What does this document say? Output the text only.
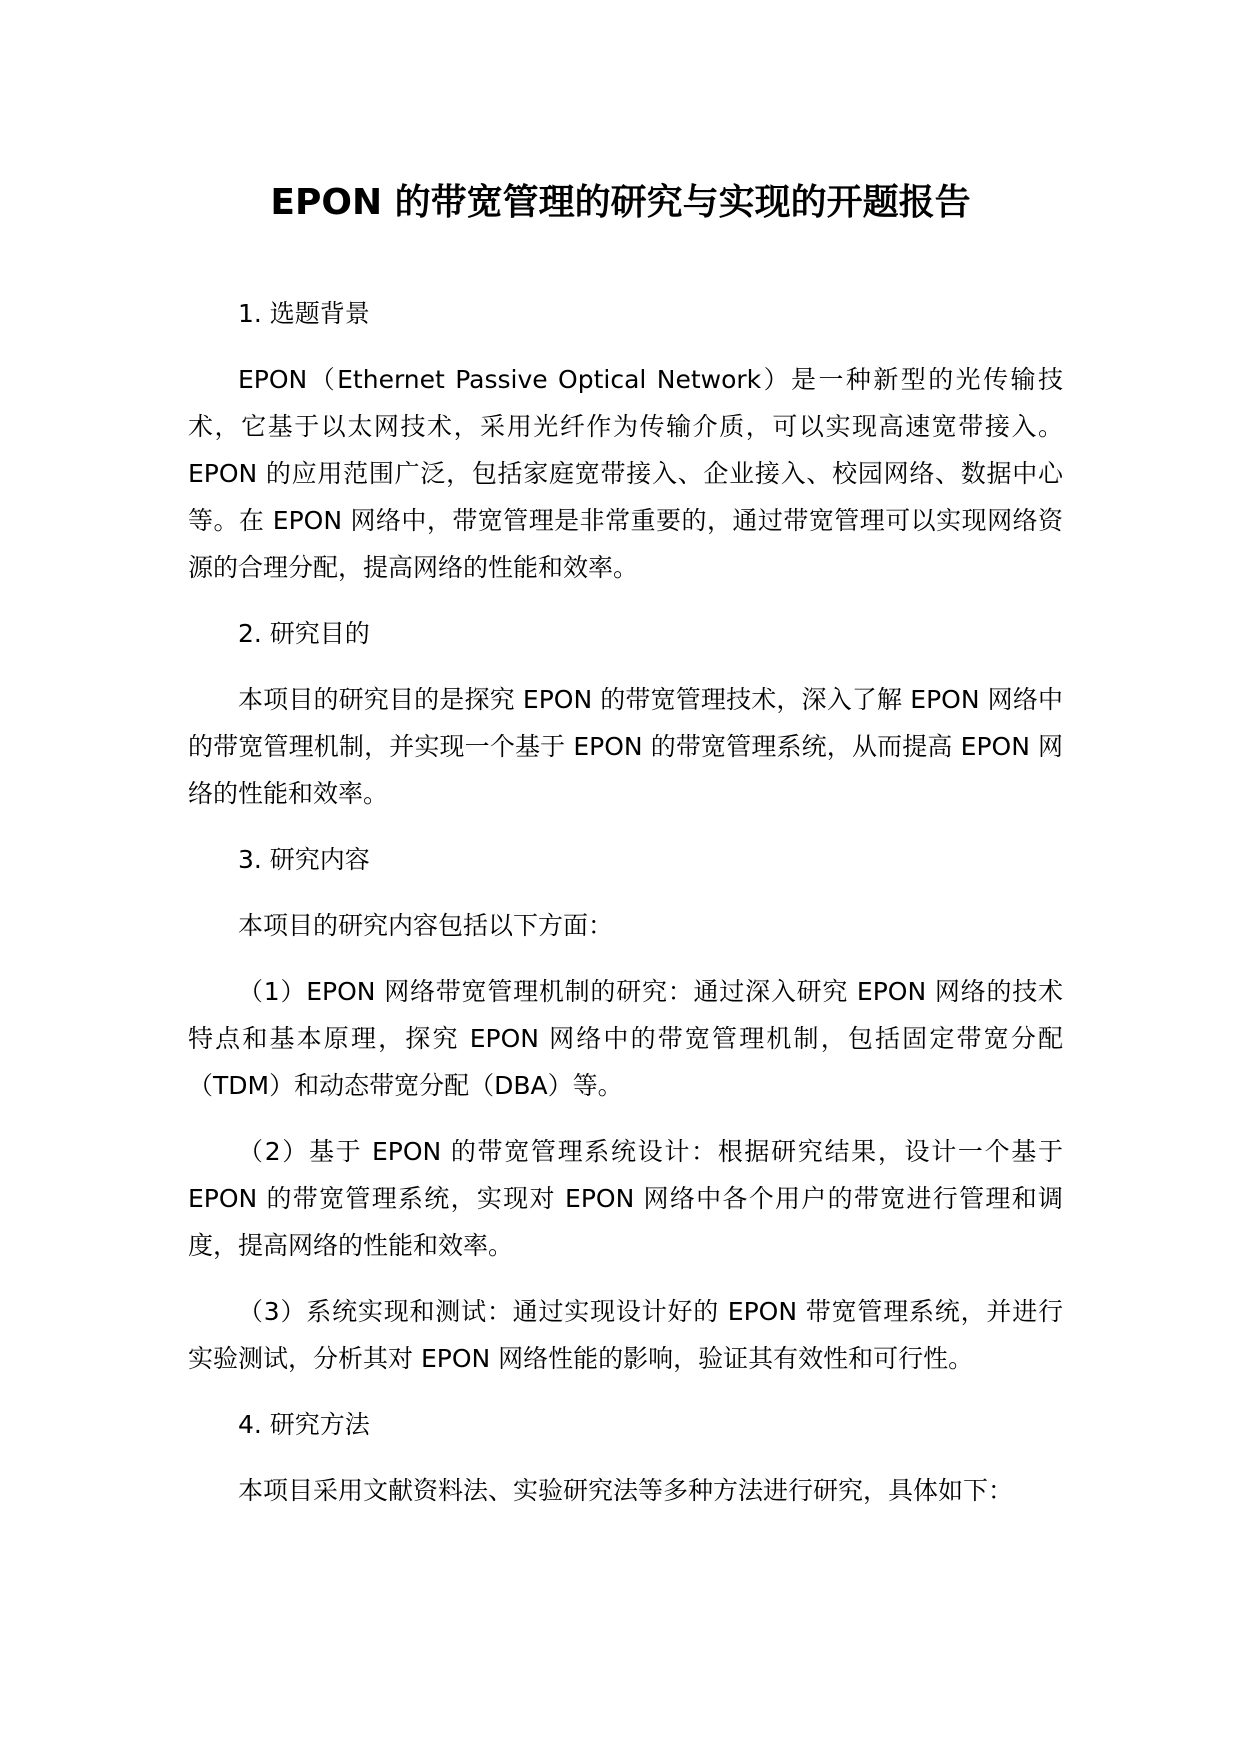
EPON 的带宽管理的研究与实现的开题报告

1. 选题背景

EPON（Ethernet Passive Optical Network）是一种新型的光传输技术，它基于以太网技术，采用光纤作为传输介质，可以实现高速宽带接入。EPON 的应用范围广泛，包括家庭宽带接入、企业接入、校园网络、数据中心等。在 EPON 网络中，带宽管理是非常重要的，通过带宽管理可以实现网络资源的合理分配，提高网络的性能和效率。

2. 研究目的

本项目的研究目的是探究 EPON 的带宽管理技术，深入了解 EPON 网络中的带宽管理机制，并实现一个基于 EPON 的带宽管理系统，从而提高 EPON 网络的性能和效率。

3. 研究内容

本项目的研究内容包括以下方面：

（1）EPON 网络带宽管理机制的研究：通过深入研究 EPON 网络的技术特点和基本原理，探究 EPON 网络中的带宽管理机制，包括固定带宽分配（TDM）和动态带宽分配（DBA）等。

（2）基于 EPON 的带宽管理系统设计：根据研究结果，设计一个基于 EPON 的带宽管理系统，实现对 EPON 网络中各个用户的带宽进行管理和调度，提高网络的性能和效率。

（3）系统实现和测试：通过实现设计好的 EPON 带宽管理系统，并进行实验测试，分析其对 EPON 网络性能的影响，验证其有效性和可行性。

4. 研究方法

本项目采用文献资料法、实验研究法等多种方法进行研究，具体如下：
